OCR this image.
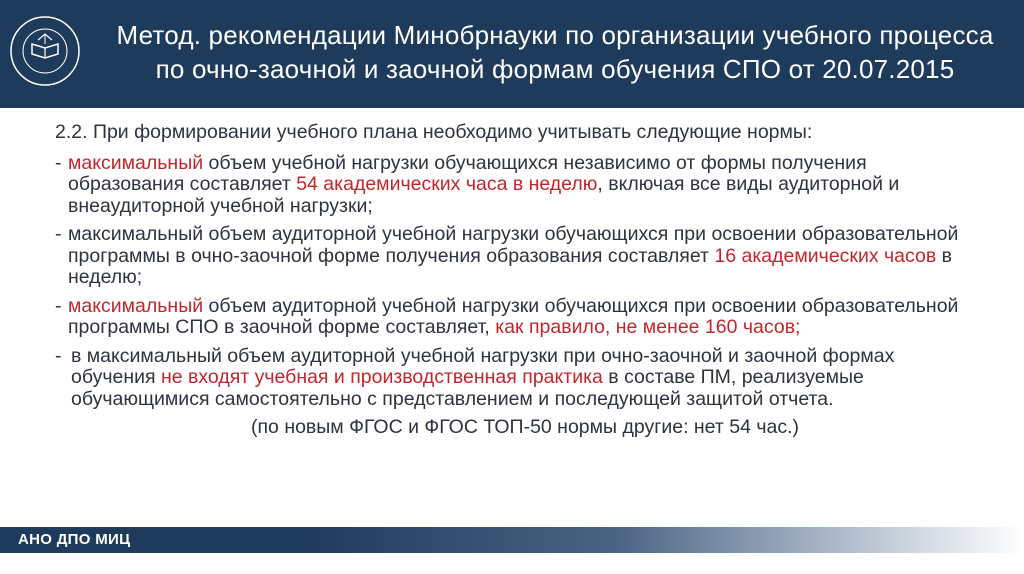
Метод. рекомендации Минобрнауки по организации учебного процесса
по очно-заочной и заочной формам обучения СПО от 20.07.2015

2.2. При формировании учебного плана необходимо учитывать следующие нормы:

- максимальный объем учебной нагрузки обучающихся независимо от формы получения образования составляет 54 академических часа в неделю, включая все виды аудиторной и внеаудиторной учебной нагрузки;

- максимальный объем аудиторной учебной нагрузки обучающихся при освоении образовательной программы в очно-заочной форме получения образования составляет 16 академических часов в неделю;

- максимальный объем аудиторной учебной нагрузки обучающихся при освоении образовательной программы СПО в заочной форме составляет, как правило, не менее 160 часов;

- в максимальный объем аудиторной учебной нагрузки при очно-заочной и заочной формах обучения не входят учебная и производственная практика в составе ПМ, реализуемые обучающимися самостоятельно с представлением и последующей защитой отчета.

(по новым ФГОС и ФГОС ТОП-50 нормы другие: нет 54 час.)

АНО ДПО МИЦ
